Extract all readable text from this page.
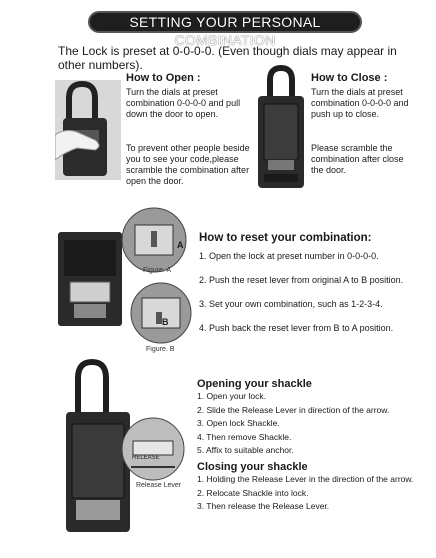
SETTING YOUR PERSONAL COMBINATION
The Lock is preset at 0-0-0-0. (Even though dials may appear in other numbers).
How to Open :
Turn the dials at preset combination 0-0-0-0 and pull down the door to open.
To prevent other people beside you to see your code,please scramble the combination after open the door.
How to Close :
Turn the dials at preset combination 0-0-0-0 and push up to close.
Please scramble the combination after close the door.
A
Figure. A
B
Figure. B
How to reset your combination:
1. Open the lock at preset number in 0-0-0-0.
2. Push the reset lever from original A to B position.
3. Set your own combination, such as 1-2-3-4.
4. Push back the reset lever from B to A position.
RELEASE
Release Lever
Opening your shackle
1. Open your lock.
2. Slide the Release Lever in direction of the arrow.
3. Open lock Shackle.
4. Then remove Shackle.
5. Affix to suitable anchor.
Closing your shackle
1. Holding the Release Lever in the direction of the arrow.
2. Relocate Shackle into lock.
3. Then release the Release Lever.
